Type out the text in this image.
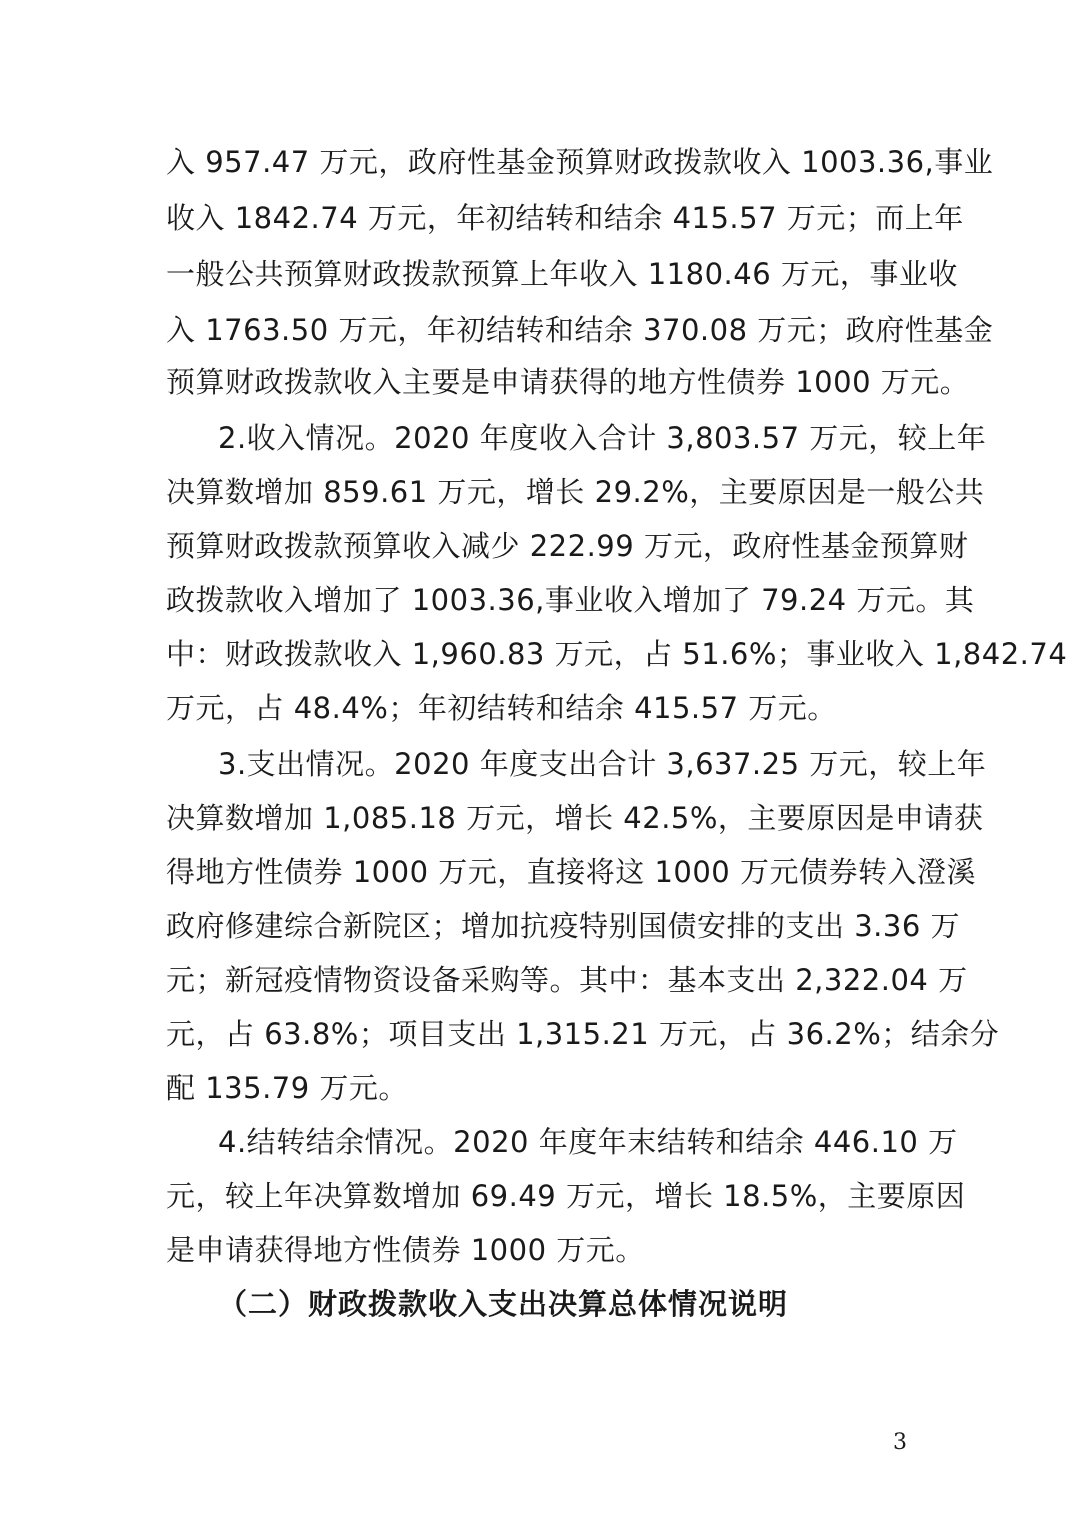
入 957.47 万元，政府性基金预算财政拨款收入 1003.36,事业
收入 1842.74 万元，年初结转和结余 415.57 万元；而上年
一般公共预算财政拨款预算上年收入 1180.46 万元，事业收
入 1763.50 万元，年初结转和结余 370.08 万元；政府性基金
预算财政拨款收入主要是申请获得的地方性债券 1000 万元。
2.收入情况。2020 年度收入合计 3,803.57 万元，较上年
决算数增加 859.61 万元，增长 29.2%，主要原因是一般公共
预算财政拨款预算收入减少 222.99 万元，政府性基金预算财
政拨款收入增加了 1003.36,事业收入增加了 79.24 万元。其
中：财政拨款收入 1,960.83 万元，占 51.6%；事业收入 1,842.74
万元，占 48.4%；年初结转和结余 415.57 万元。
3.支出情况。2020 年度支出合计 3,637.25 万元，较上年
决算数增加 1,085.18 万元，增长 42.5%，主要原因是申请获
得地方性债券 1000 万元，直接将这 1000 万元债券转入澄溪
政府修建综合新院区；增加抗疫特别国债安排的支出 3.36 万
元；新冠疫情物资设备采购等。其中：基本支出 2,322.04 万
元，占 63.8%；项目支出 1,315.21 万元，占 36.2%；结余分
配 135.79 万元。
4.结转结余情况。2020 年度年末结转和结余 446.10 万
元，较上年决算数增加 69.49 万元，增长 18.5%，主要原因
是申请获得地方性债券 1000 万元。
（二）财政拨款收入支出决算总体情况说明
3
